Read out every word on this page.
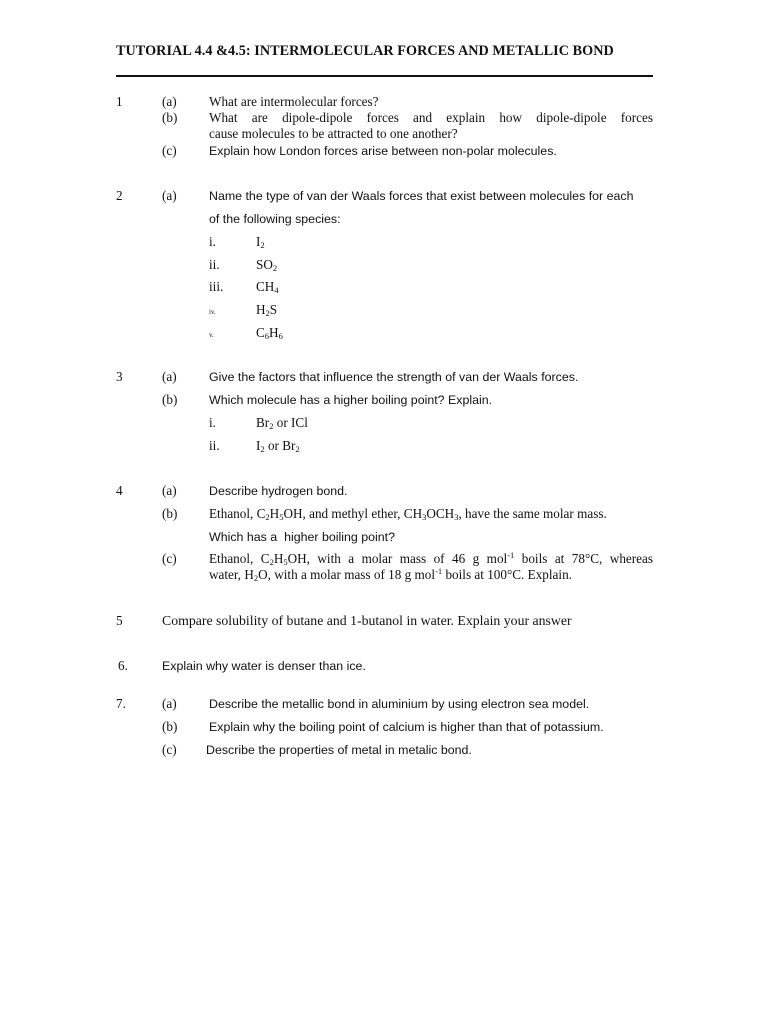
TUTORIAL 4.4 &4.5: INTERMOLECULAR FORCES AND METALLIC BOND
1	(a) What are intermolecular forces?
(b) What are dipole-dipole forces and explain how dipole-dipole forces
cause molecules to be attracted to one another?
(c)	Explain how London forces arise between non-polar molecules.
2	(a)	Name the type of van der Waals forces that exist between molecules for each
of the following species:
i.	$I_2$
ii.	$SO_2$
iii. $CH_4$
iv.	$H_2S$
v.	$C_6H_6$
3	(a)	Give the factors that influence the strength of van der Waals forces.
(b)	Which molecule has a higher boiling point? Explain.
i.	$Br_2$ or ICl
ii.	$I_2$ or $Br_2$
4	(a)	Describe hydrogen bond.
(b) Ethanol, $C_2H_5OH$, and methyl ether, $CH_3OCH_3$, have the same molar mass.
Which has a  higher boiling point?
(c) Ethanol, $C_2H_5OH$, with a molar mass of 46 g mol$^{-1}$ boils at 78°C, whereas
water, $H_2O$, with a molar mass of 18 g mol$^{-1}$ boils at 100°C. Explain.
5	Compare solubility of butane and 1-butanol in water. Explain your answer
6.	Explain why water is denser than ice.
7.	(a)	Describe the metallic bond in aluminium by using electron sea model.
(b)	Explain why the boiling point of calcium is higher than that of potassium.
(c) Describe the properties of metal in metalic bond.
